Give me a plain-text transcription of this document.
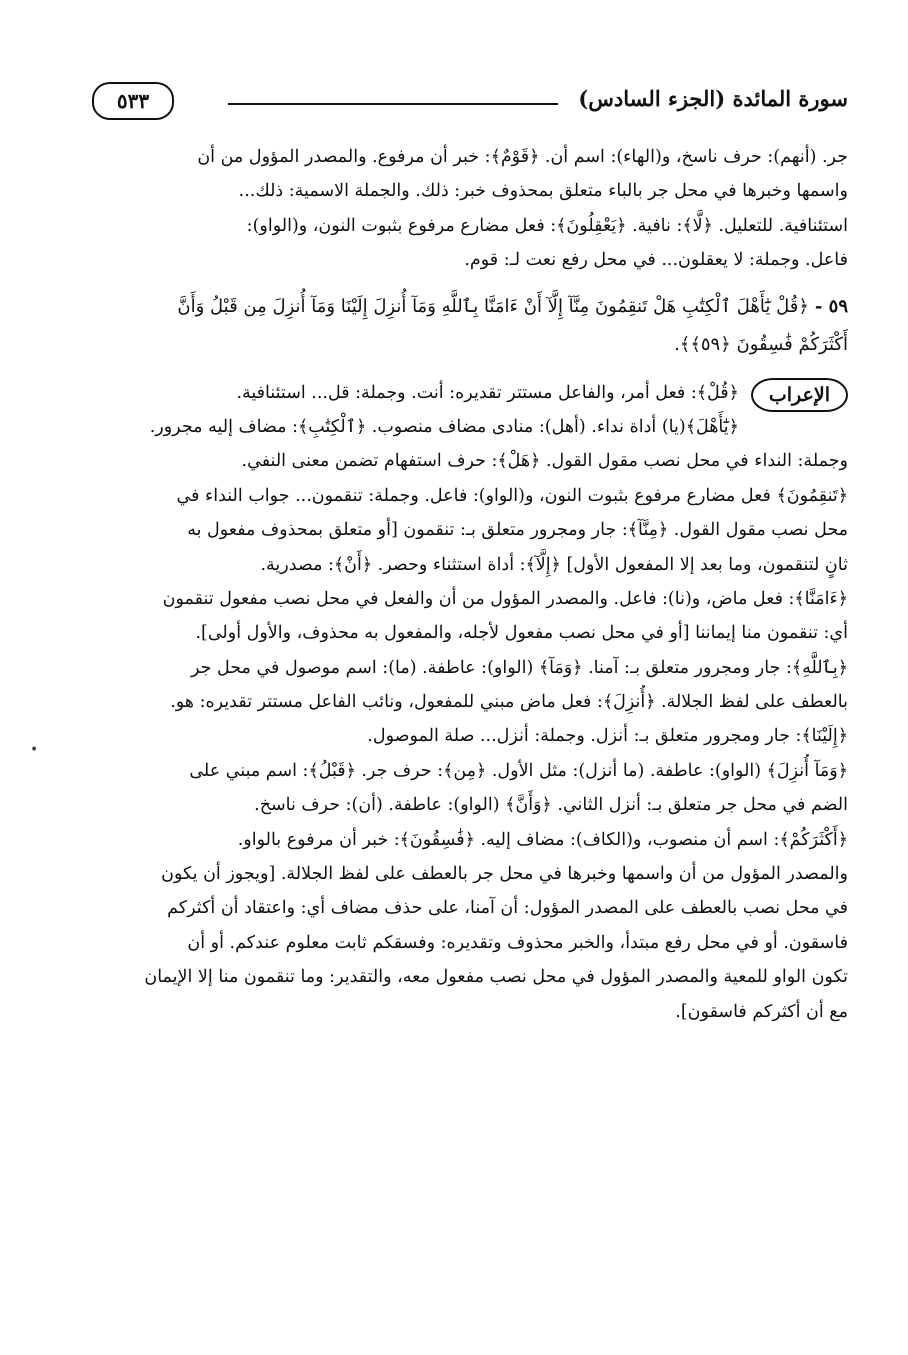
سورة المائدة (الجزء السادس)
٥٣٣
جر. (أنهم): حرف ناسخ، و(الهاء): اسم أن. ﴿قَوْمٌ﴾: خبر أن مرفوع. والمصدر المؤول من أن
واسمها وخبرها في محل جر بالباء متعلق بمحذوف خبر: ذلك. والجملة الاسمية: ذلك...
استئنافية. للتعليل. ﴿لَّا﴾: نافية. ﴿يَعْقِلُونَ﴾: فعل مضارع مرفوع بثبوت النون، و(الواو):
فاعل. وجملة: لا يعقلون... في محل رفع نعت لـ: قوم.
٥٩ -﴿قُلْ يَٰٓأَهْلَ ٱلْكِتَٰبِ هَلْ تَنقِمُونَ مِنَّآ إِلَّآ أَنْ ءَامَنَّا بِٱللَّهِ وَمَآ أُنزِلَ إِلَيْنَا وَمَآ أُنزِلَ مِن قَبْلُ وَأَنَّ
أَكْثَرَكُمْ فَٰسِقُونَ ﴿٥٩﴾﴾.
الإعراب
﴿قُلْ﴾: فعل أمر، والفاعل مستتر تقديره: أنت. وجملة: قل... استئنافية.
﴿يَٰٓأَهْلَ﴾(يا) أداة نداء. (أهل): منادى مضاف منصوب. ﴿ٱلْكِتَٰبِ﴾: مضاف إليه مجرور.
وجملة: النداء في محل نصب مقول القول. ﴿هَلْ﴾: حرف استفهام تضمن معنى النفي.
﴿تَنقِمُونَ﴾ فعل مضارع مرفوع بثبوت النون، و(الواو): فاعل. وجملة: تنقمون... جواب النداء في
محل نصب مقول القول. ﴿مِنَّآ﴾: جار ومجرور متعلق بـ: تنقمون [أو متعلق بمحذوف مفعول به
ثانٍ لتنقمون، وما بعد إلا المفعول الأول] ﴿إِلَّآ﴾: أداة استثناء وحصر. ﴿أَنْ﴾: مصدرية.
﴿ءَامَنَّا﴾: فعل ماض، و(نا): فاعل. والمصدر المؤول من أن والفعل في محل نصب مفعول تنقمون
أي: تنقمون منا إيماننا [أو في محل نصب مفعول لأجله، والمفعول به محذوف، والأول أولى].
﴿بِٱللَّهِ﴾: جار ومجرور متعلق بـ: آمنا. ﴿وَمَآ﴾ (الواو): عاطفة. (ما): اسم موصول في محل جر
بالعطف على لفظ الجلالة. ﴿أُنزِلَ﴾: فعل ماض مبني للمفعول، ونائب الفاعل مستتر تقديره: هو.
﴿إِلَيْنَا﴾: جار ومجرور متعلق بـ: أنزل. وجملة: أنزل... صلة الموصول.
﴿وَمَآ أُنزِلَ﴾ (الواو): عاطفة. (ما أنزل): مثل الأول. ﴿مِن﴾: حرف جر. ﴿قَبْلُ﴾: اسم مبني على
الضم في محل جر متعلق بـ: أنزل الثاني. ﴿وَأَنَّ﴾ (الواو): عاطفة. (أن): حرف ناسخ.
﴿أَكْثَرَكُمْ﴾: اسم أن منصوب، و(الكاف): مضاف إليه. ﴿فَٰسِقُونَ﴾: خبر أن مرفوع بالواو.
والمصدر المؤول من أن واسمها وخبرها في محل جر بالعطف على لفظ الجلالة. [ويجوز أن يكون
في محل نصب بالعطف على المصدر المؤول: أن آمنا، على حذف مضاف أي: واعتقاد أن أكثركم
فاسقون. أو في محل رفع مبتدأ، والخبر محذوف وتقديره: وفسقكم ثابت معلوم عندكم. أو أن
تكون الواو للمعية والمصدر المؤول في محل نصب مفعول معه، والتقدير: وما تنقمون منا إلا الإيمان
مع أن أكثركم فاسقون].
•
